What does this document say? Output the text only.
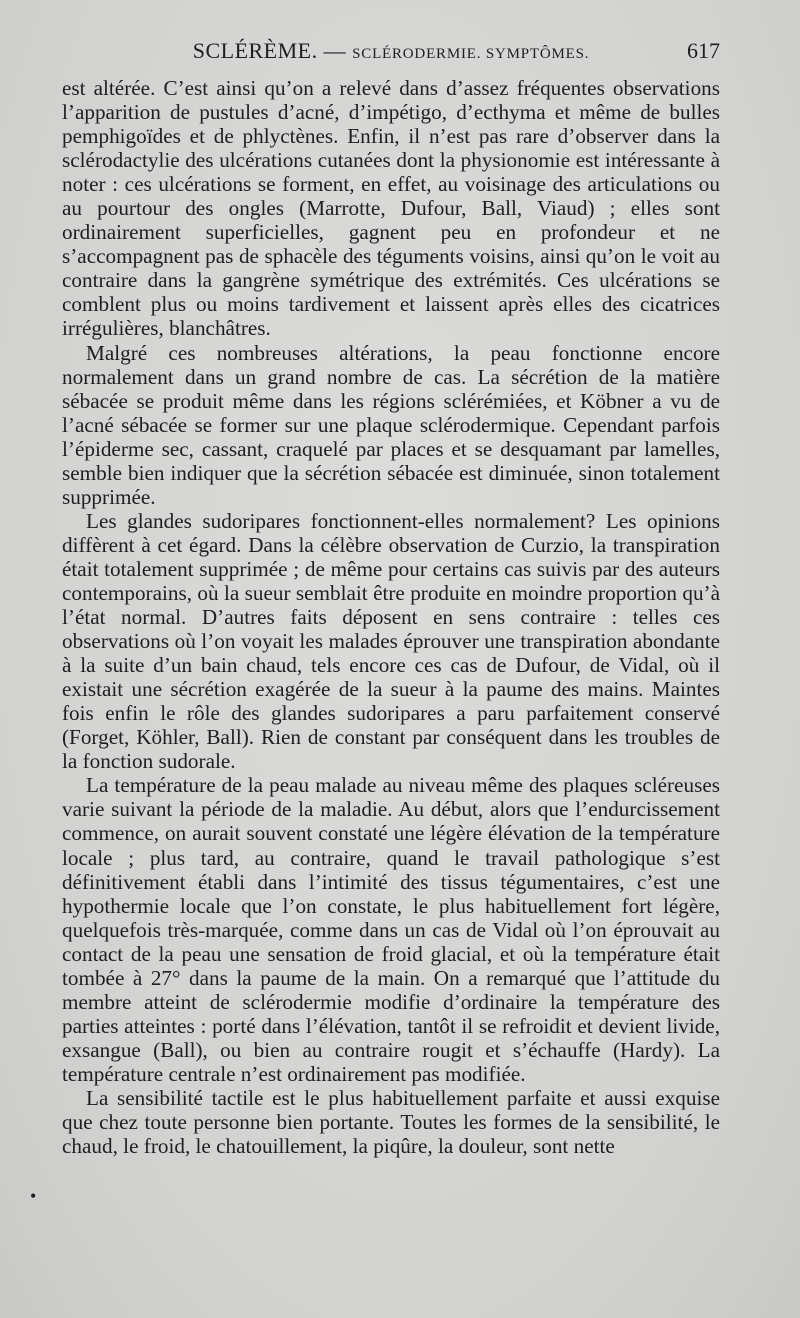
SCLÉRÈME. — SCLÉRODERMIE. SYMPTÔMES.	617

est altérée. C’est ainsi qu’on a relevé dans d’assez fréquentes observations l’apparition de pustules d’acné, d’impétigo, d’ecthyma et même de bulles pemphigoïdes et de phlyctènes. Enfin, il n’est pas rare d’observer dans la sclérodactylie des ulcérations cutanées dont la physionomie est intéressante à noter : ces ulcérations se forment, en effet, au voisinage des articulations ou au pourtour des ongles (Marrotte, Dufour, Ball, Viaud) ; elles sont ordinairement superficielles, gagnent peu en profondeur et ne s’accompagnent pas de sphacèle des téguments voisins, ainsi qu’on le voit au contraire dans la gangrène symétrique des extrémités. Ces ulcérations se comblent plus ou moins tardivement et laissent après elles des cicatrices irrégulières, blanchâtres.

Malgré ces nombreuses altérations, la peau fonctionne encore normalement dans un grand nombre de cas. La sécrétion de la matière sébacée se produit même dans les régions sclérémiées, et Köbner a vu de l’acné sébacée se former sur une plaque sclérodermique. Cependant parfois l’épiderme sec, cassant, craquelé par places et se desquamant par lamelles, semble bien indiquer que la sécrétion sébacée est diminuée, sinon totalement supprimée.

Les glandes sudoripares fonctionnent-elles normalement? Les opinions diffèrent à cet égard. Dans la célèbre observation de Curzio, la transpiration était totalement supprimée ; de même pour certains cas suivis par des auteurs contemporains, où la sueur semblait être produite en moindre proportion qu’à l’état normal. D’autres faits déposent en sens contraire : telles ces observations où l’on voyait les malades éprouver une transpiration abondante à la suite d’un bain chaud, tels encore ces cas de Dufour, de Vidal, où il existait une sécrétion exagérée de la sueur à la paume des mains. Maintes fois enfin le rôle des glandes sudoripares a paru parfaitement conservé (Forget, Köhler, Ball). Rien de constant par conséquent dans les troubles de la fonction sudorale.

La température de la peau malade au niveau même des plaques scléreuses varie suivant la période de la maladie. Au début, alors que l’endurcissement commence, on aurait souvent constaté une légère élévation de la température locale ; plus tard, au contraire, quand le travail pathologique s’est définitivement établi dans l’intimité des tissus tégumentaires, c’est une hypothermie locale que l’on constate, le plus habituellement fort légère, quelquefois très-marquée, comme dans un cas de Vidal où l’on éprouvait au contact de la peau une sensation de froid glacial, et où la température était tombée à 27° dans la paume de la main. On a remarqué que l’attitude du membre atteint de sclérodermie modifie d’ordinaire la température des parties atteintes : porté dans l’élévation, tantôt il se refroidit et devient livide, exsangue (Ball), ou bien au contraire rougit et s’échauffe (Hardy). La température centrale n’est ordinairement pas modifiée.

La sensibilité tactile est le plus habituellement parfaite et aussi exquise que chez toute personne bien portante. Toutes les formes de la sensibilité, le chaud, le froid, le chatouillement, la piqûre, la douleur, sont nette

•
